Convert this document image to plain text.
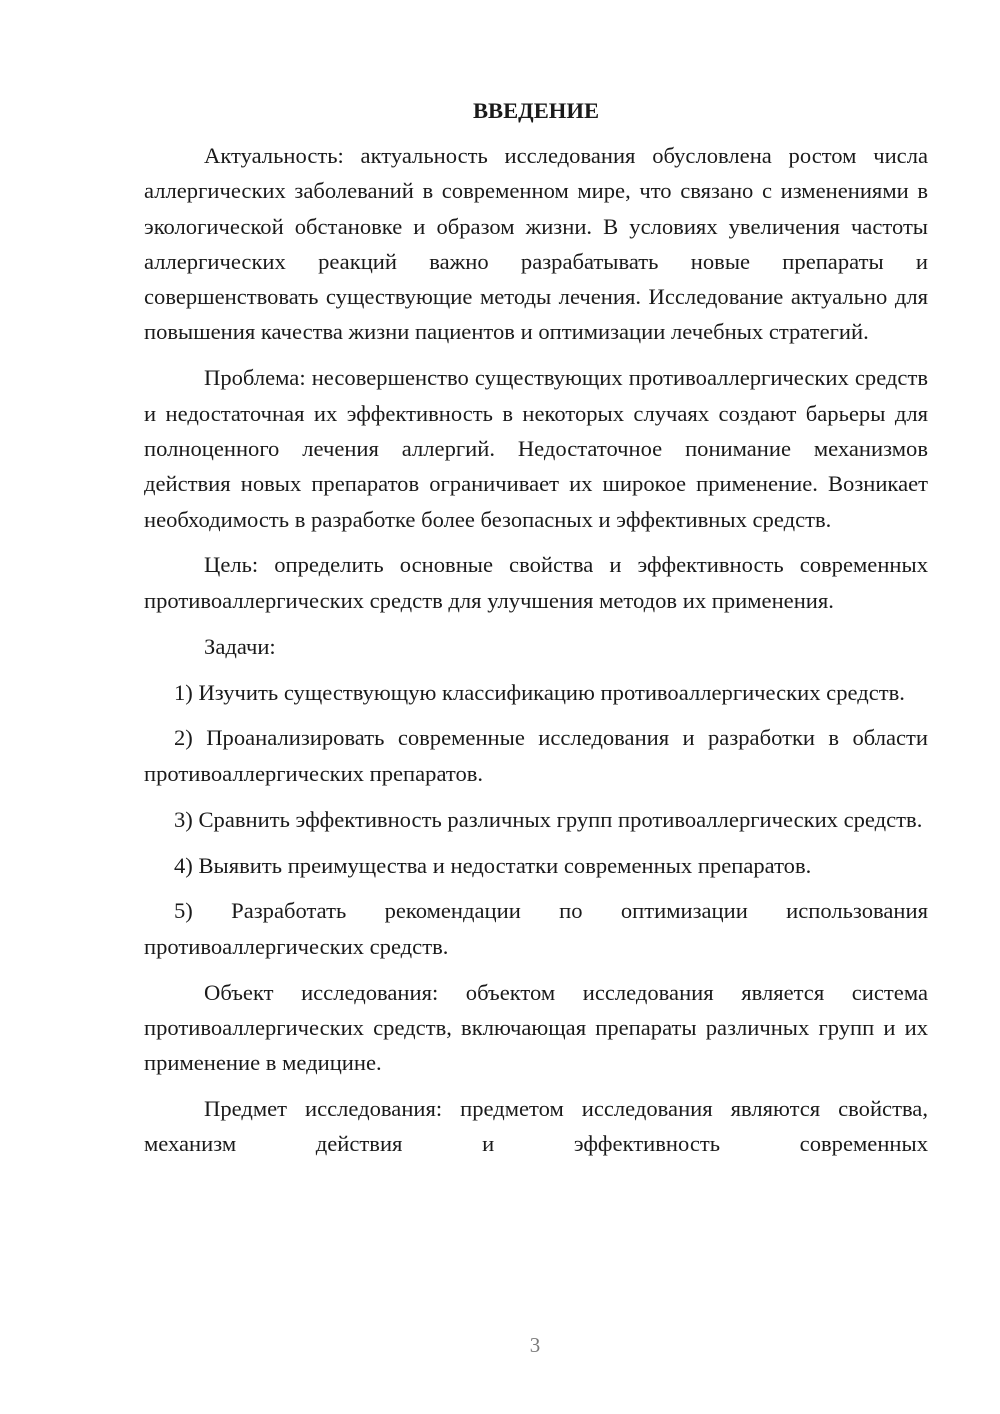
ВВЕДЕНИЕ

Актуальность: актуальность исследования обусловлена ростом числа аллергических заболеваний в современном мире, что связано с изменениями в экологической обстановке и образом жизни. В условиях увеличения частоты аллергических реакций важно разрабатывать новые препараты и совершенствовать существующие методы лечения. Исследование актуально для повышения качества жизни пациентов и оптимизации лечебных стратегий.

Проблема: несовершенство существующих противоаллергических средств и недостаточная их эффективность в некоторых случаях создают барьеры для полноценного лечения аллергий. Недостаточное понимание механизмов действия новых препаратов ограничивает их широкое применение. Возникает необходимость в разработке более безопасных и эффективных средств.

Цель: определить основные свойства и эффективность современных противоаллергических средств для улучшения методов их применения.

Задачи:

1) Изучить существующую классификацию противоаллергических средств.

2) Проанализировать современные исследования и разработки в области противоаллергических препаратов.

3) Сравнить эффективность различных групп противоаллергических средств.

4) Выявить преимущества и недостатки современных препаратов.

5) Разработать рекомендации по оптимизации использования противоаллергических средств.

Объект исследования: объектом исследования является система противоаллергических средств, включающая препараты различных групп и их применение в медицине.

Предмет исследования: предметом исследования являются свойства, механизм действия и эффективность современных

3
